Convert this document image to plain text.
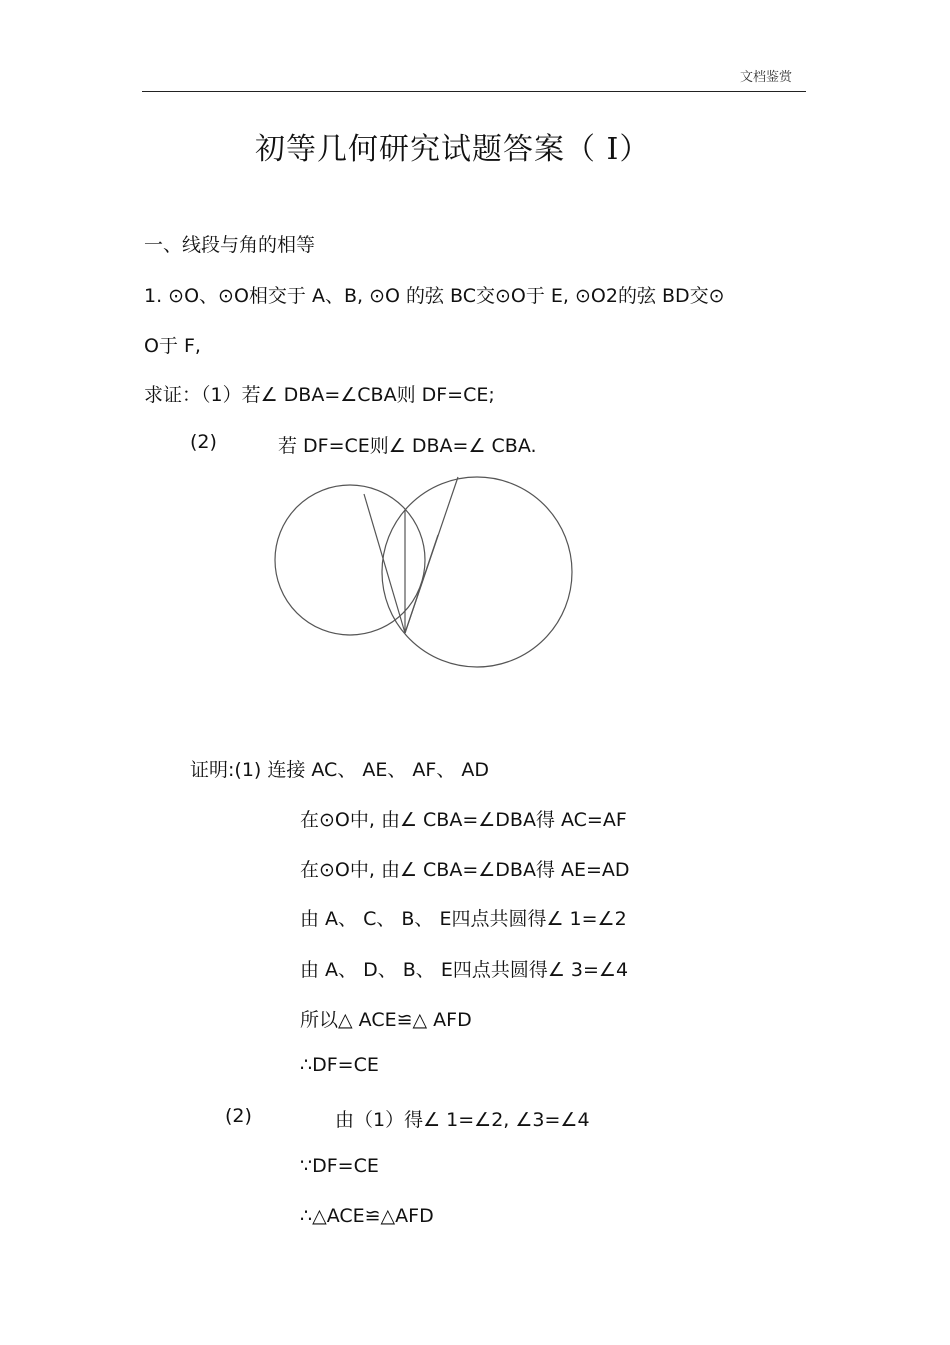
文档鉴赏
初等几何研究试题答案（ Ⅰ）
一、线段与角的相等
1. ⊙O、⊙O相交于 A、B, ⊙O 的弦 BC交⊙O于 E, ⊙O2的弦 BD交⊙
O于 F,
求证：（1）若∠ DBA=∠CBA则 DF=CE;
(2)	若 DF=CE则∠ DBA=∠ CBA.
证明:(1) 连接 AC、 AE、 AF、 AD
在⊙O中, 由∠ CBA=∠DBA得 AC=AF
在⊙O中, 由∠ CBA=∠DBA得 AE=AD
由 A、 C、 B、 E四点共圆得∠ 1=∠2
由 A、 D、 B、 E四点共圆得∠ 3=∠4
所以△ ACE≌△ AFD
∴DF=CE
(2)	由（1）得∠ 1=∠2, ∠3=∠4
∵DF=CE
∴△ACE≌△AFD
